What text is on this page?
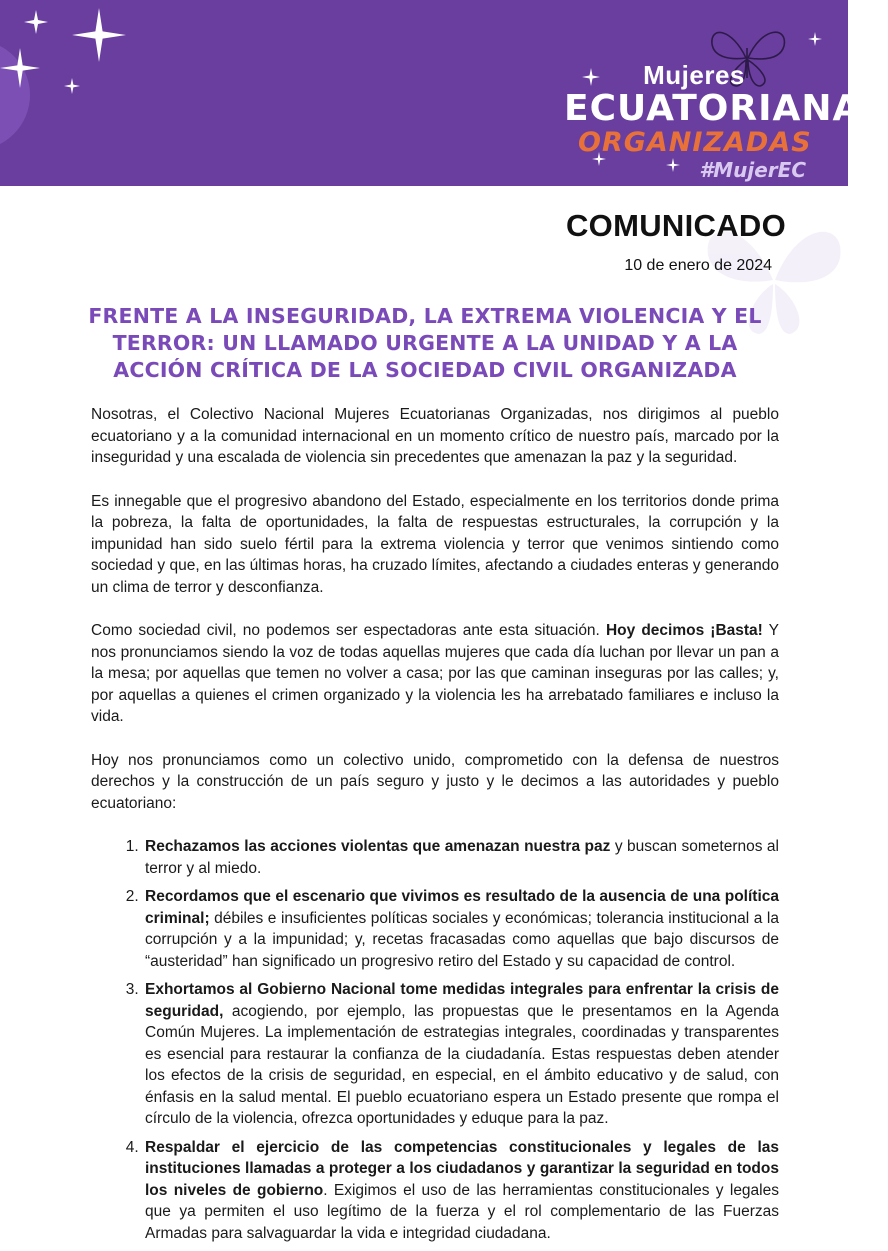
Mujeres
ECUATORIANAS
ORGANIZADAS
#MujerEC
COMUNICADO
10 de enero de 2024
FRENTE A LA INSEGURIDAD, LA EXTREMA VIOLENCIA Y EL TERROR: UN LLAMADO URGENTE A LA UNIDAD Y A LA ACCIÓN CRÍTICA DE LA SOCIEDAD CIVIL ORGANIZADA

Nosotras, el Colectivo Nacional Mujeres Ecuatorianas Organizadas, nos dirigimos al pueblo ecuatoriano y a la comunidad internacional en un momento crítico de nuestro país, marcado por la inseguridad y una escalada de violencia sin precedentes que amenazan la paz y la seguridad.

Es innegable que el progresivo abandono del Estado, especialmente en los territorios donde prima la pobreza, la falta de oportunidades, la falta de respuestas estructurales, la corrupción y la impunidad han sido suelo fértil para la extrema violencia y terror que venimos sintiendo como sociedad y que, en las últimas horas, ha cruzado límites, afectando a ciudades enteras y generando un clima de terror y desconfianza.

Como sociedad civil, no podemos ser espectadoras ante esta situación. Hoy decimos ¡Basta! Y nos pronunciamos siendo la voz de todas aquellas mujeres que cada día luchan por llevar un pan a la mesa; por aquellas que temen no volver a casa; por las que caminan inseguras por las calles; y, por aquellas a quienes el crimen organizado y la violencia les ha arrebatado familiares e incluso la vida.

Hoy nos pronunciamos como un colectivo unido, comprometido con la defensa de nuestros derechos y la construcción de un país seguro y justo y le decimos a las autoridades y pueblo ecuatoriano:

1. Rechazamos las acciones violentas que amenazan nuestra paz y buscan someternos al terror y al miedo.
2. Recordamos que el escenario que vivimos es resultado de la ausencia de una política criminal; débiles e insuficientes políticas sociales y económicas; tolerancia institucional a la corrupción y a la impunidad; y, recetas fracasadas como aquellas que bajo discursos de “austeridad” han significado un progresivo retiro del Estado y su capacidad de control.
3. Exhortamos al Gobierno Nacional tome medidas integrales para enfrentar la crisis de seguridad, acogiendo, por ejemplo, las propuestas que le presentamos en la Agenda Común Mujeres. La implementación de estrategias integrales, coordinadas y transparentes es esencial para restaurar la confianza de la ciudadanía. Estas respuestas deben atender los efectos de la crisis de seguridad, en especial, en el ámbito educativo y de salud, con énfasis en la salud mental. El pueblo ecuatoriano espera un Estado presente que rompa el círculo de la violencia, ofrezca oportunidades y eduque para la paz.
4. Respaldar el ejercicio de las competencias constitucionales y legales de las instituciones llamadas a proteger a los ciudadanos y garantizar la seguridad en todos los niveles de gobierno. Exigimos el uso de las herramientas constitucionales y legales que ya permiten el uso legítimo de la fuerza y el rol complementario de las Fuerzas Armadas para salvaguardar la vida e integridad ciudadana.
